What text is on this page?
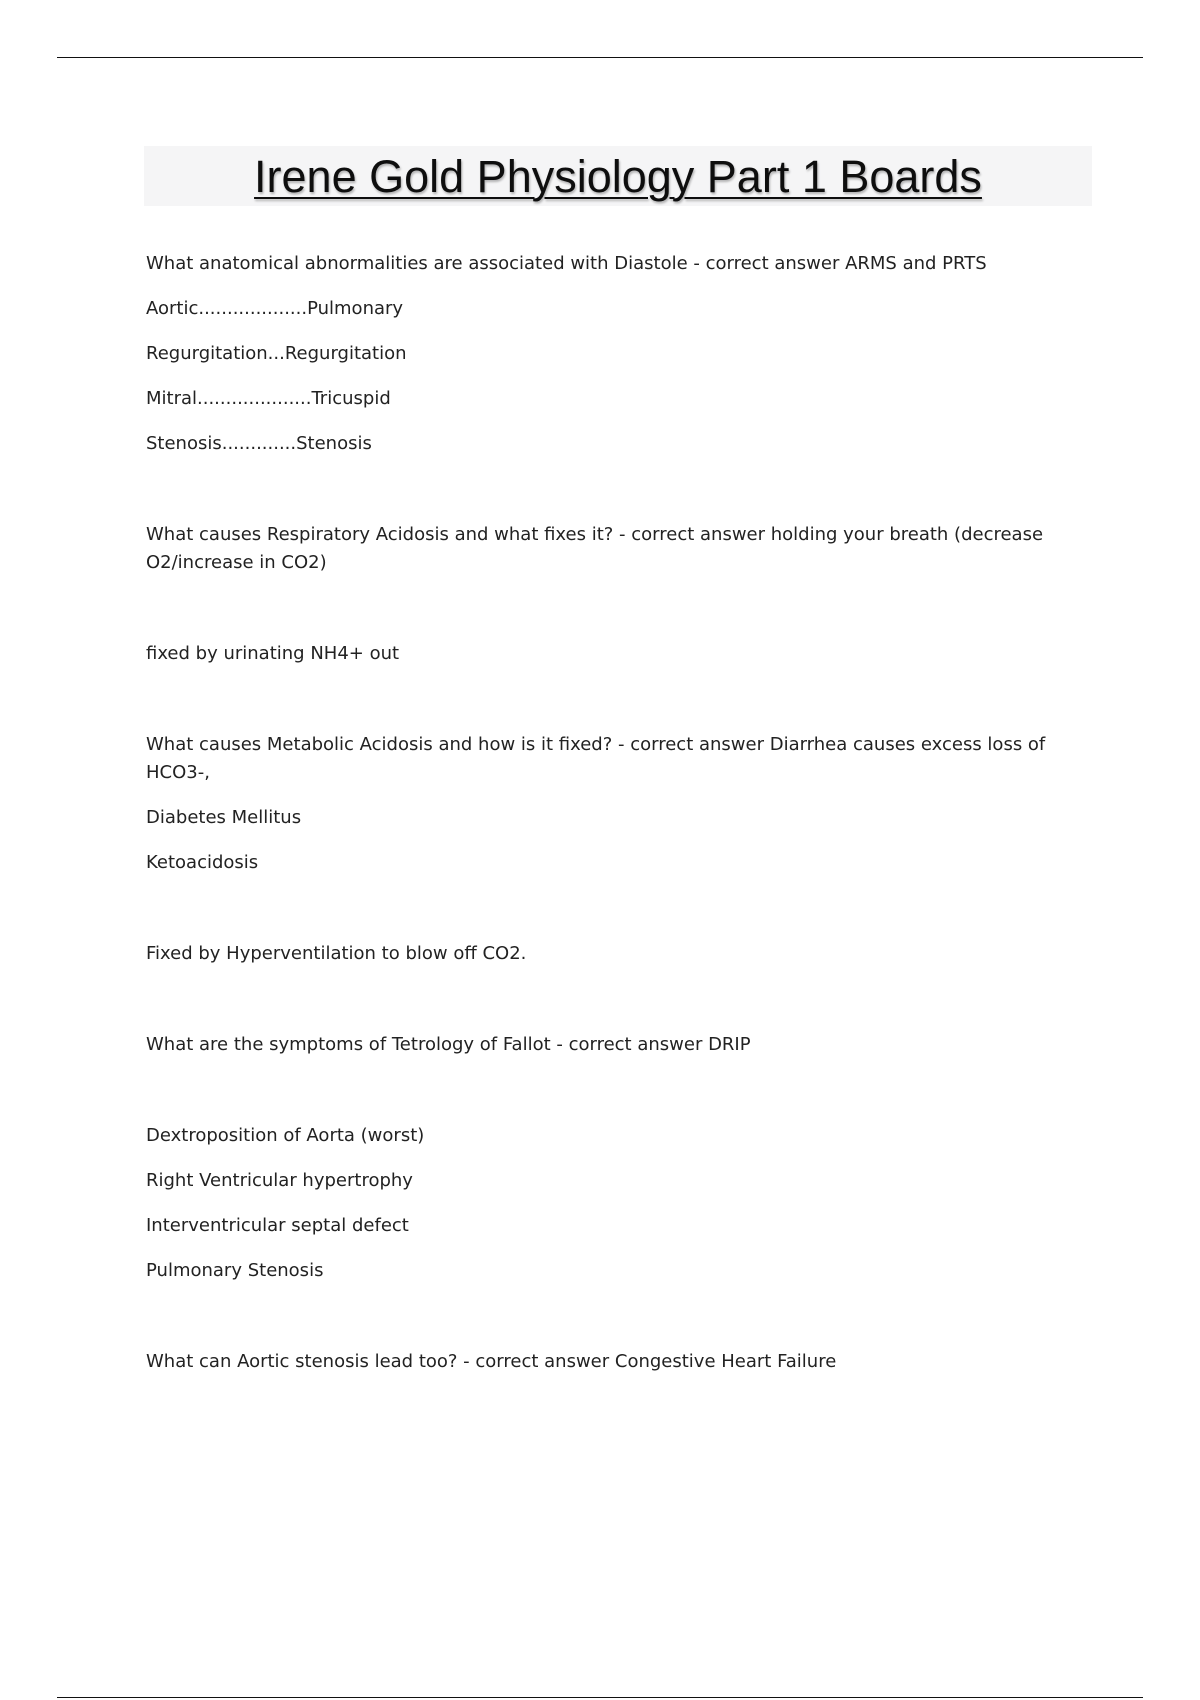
Irene Gold Physiology Part 1 Boards

What anatomical abnormalities are associated with Diastole - correct answer ARMS and PRTS

Aortic...................Pulmonary

Regurgitation...Regurgitation

Mitral....................Tricuspid

Stenosis.............Stenosis

What causes Respiratory Acidosis and what fixes it? - correct answer holding your breath (decrease
O2/increase in CO2)

fixed by urinating NH4+ out

What causes Metabolic Acidosis and how is it fixed? - correct answer Diarrhea causes excess loss of
HCO3-,

Diabetes Mellitus

Ketoacidosis

Fixed by Hyperventilation to blow off CO2.

What are the symptoms of Tetrology of Fallot - correct answer DRIP

Dextroposition of Aorta (worst)

Right Ventricular hypertrophy

Interventricular septal defect

Pulmonary Stenosis

What can Aortic stenosis lead too? - correct answer Congestive Heart Failure
